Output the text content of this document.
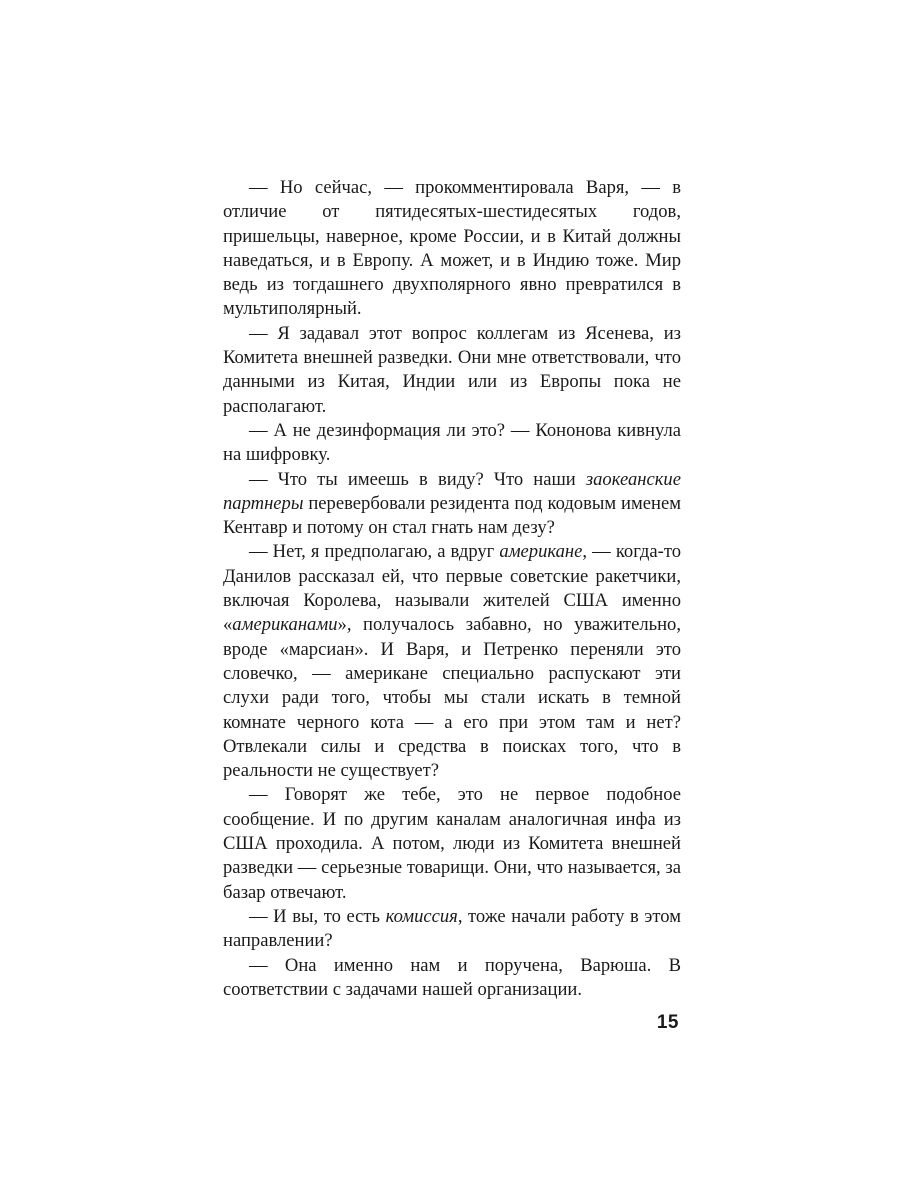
— Но сейчас, — прокомментировала Варя, — в отличие от пятидесятых-шестидесятых годов, пришельцы, наверное, кроме России, и в Китай должны наведаться, и в Европу. А может, и в Индию тоже. Мир ведь из тогдашнего двухполярного явно превратился в мультиполярный.

— Я задавал этот вопрос коллегам из Ясенева, из Комитета внешней разведки. Они мне ответствовали, что данными из Китая, Индии или из Европы пока не располагают.

— А не дезинформация ли это? — Кононова кивнула на шифровку.

— Что ты имеешь в виду? Что наши заокеанские партнеры перевербовали резидента под кодовым именем Кентавр и потому он стал гнать нам дезу?

— Нет, я предполагаю, а вдруг американе, — когда-то Данилов рассказал ей, что первые советские ракетчики, включая Королева, называли жителей США именно «американами», получалось забавно, но уважительно, вроде «марсиан». И Варя, и Петренко переняли это словечко, — американе специально распускают эти слухи ради того, чтобы мы стали искать в темной комнате черного кота — а его при этом там и нет? Отвлекали силы и средства в поисках того, что в реальности не существует?

— Говорят же тебе, это не первое подобное сообщение. И по другим каналам аналогичная инфа из США проходила. А потом, люди из Комитета внешней разведки — серьезные товарищи. Они, что называется, за базар отвечают.

— И вы, то есть комиссия, тоже начали работу в этом направлении?

— Она именно нам и поручена, Варюша. В соответствии с задачами нашей организации.

15
